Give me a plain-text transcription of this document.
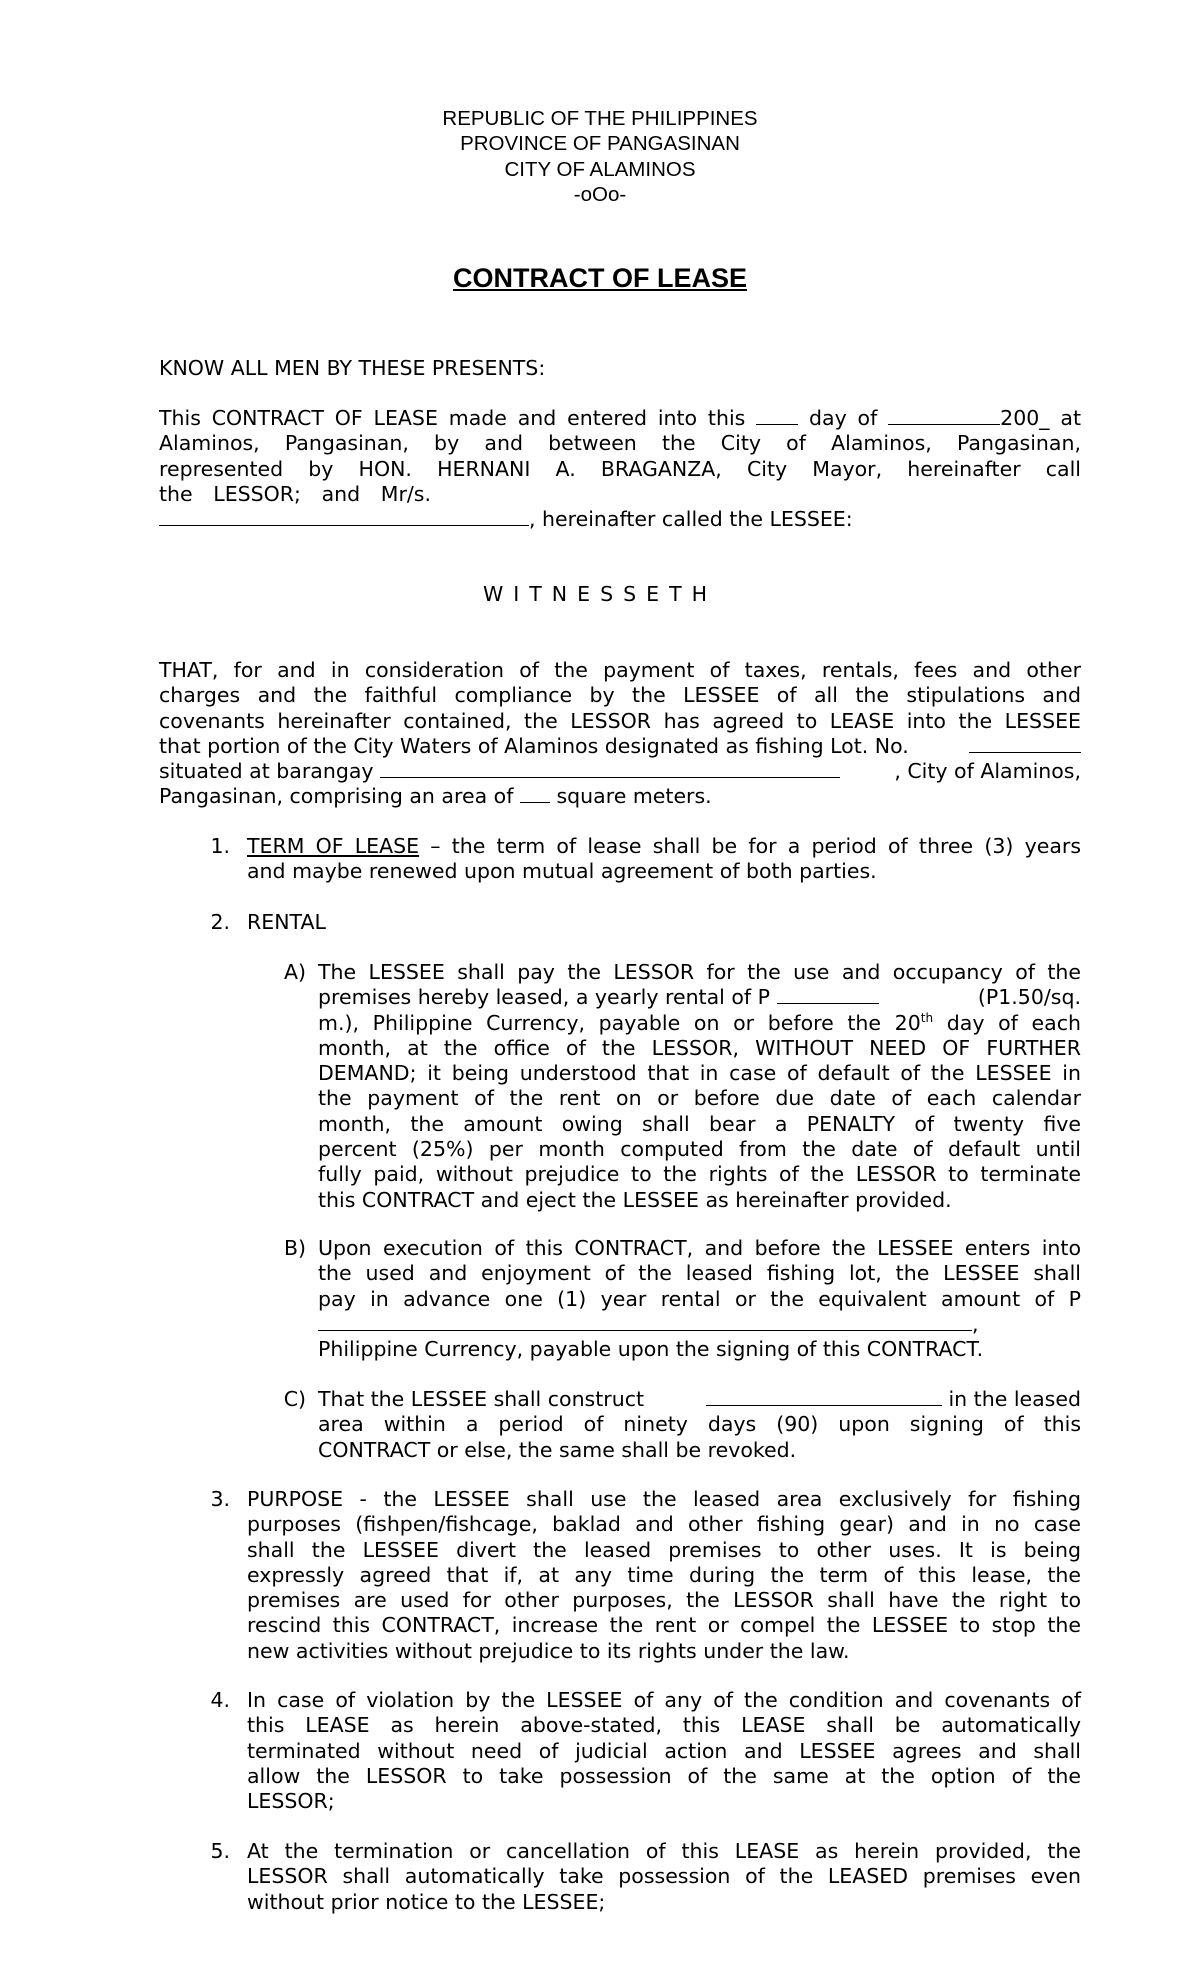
REPUBLIC OF THE PHILIPPINES
PROVINCE OF PANGASINAN
CITY OF ALAMINOS
-oOo-
CONTRACT OF LEASE
KNOW ALL MEN BY THESE PRESENTS:
This CONTRACT OF LEASE made and entered into this	day of	200_ at
Alaminos, Pangasinan, by and between the City of Alaminos, Pangasinan,
represented by HON. HERNANI A. BRAGANZA, City Mayor, hereinafter call
the LESSOR; and Mr/s.
, hereinafter called the LESSEE:
WITNESSETH
THAT, for and in consideration of the payment of taxes, rentals, fees and other
charges and the faithful compliance by the LESSEE of all the stipulations and
covenants hereinafter contained, the LESSOR has agreed to LEASE into the LESSEE
that portion of the City Waters of Alaminos designated as fishing Lot. No.
situated at barangay	, City of Alaminos,
Pangasinan, comprising an area of square meters.
1. TERM OF LEASE – the term of lease shall be for a period of three (3) years
and maybe renewed upon mutual agreement of both parties.
2. RENTAL
A) The LESSEE shall pay the LESSOR for the use and occupancy of the
premises hereby leased, a yearly rental of P	(P1.50/sq.
m.), Philippine Currency, payable on or before the 20th day of each
month, at the office of the LESSOR, WITHOUT NEED OF FURTHER
DEMAND; it being understood that in case of default of the LESSEE in
the payment of the rent on or before due date of each calendar
month, the amount owing shall bear a PENALTY of twenty five
percent (25%) per month computed from the date of default until
fully paid, without prejudice to the rights of the LESSOR to terminate
this CONTRACT and eject the LESSEE as hereinafter provided.
B) Upon execution of this CONTRACT, and before the LESSEE enters into
the used and enjoyment of the leased fishing lot, the LESSEE shall
pay in advance one (1) year rental or the equivalent amount of P
,
Philippine Currency, payable upon the signing of this CONTRACT.
C) That the LESSEE shall construct	in the leased
area within a period of ninety days (90) upon signing of this
CONTRACT or else, the same shall be revoked.
3. PURPOSE - the LESSEE shall use the leased area exclusively for fishing
purposes (fishpen/fishcage, baklad and other fishing gear) and in no case
shall the LESSEE divert the leased premises to other uses. It is being
expressly agreed that if, at any time during the term of this lease, the
premises are used for other purposes, the LESSOR shall have the right to
rescind this CONTRACT, increase the rent or compel the LESSEE to stop the
new activities without prejudice to its rights under the law.
4. In case of violation by the LESSEE of any of the condition and covenants of
this LEASE as herein above-stated, this LEASE shall be automatically
terminated without need of judicial action and LESSEE agrees and shall
allow the LESSOR to take possession of the same at the option of the
LESSOR;
5. At the termination or cancellation of this LEASE as herein provided, the
LESSOR shall automatically take possession of the LEASED premises even
without prior notice to the LESSEE;
